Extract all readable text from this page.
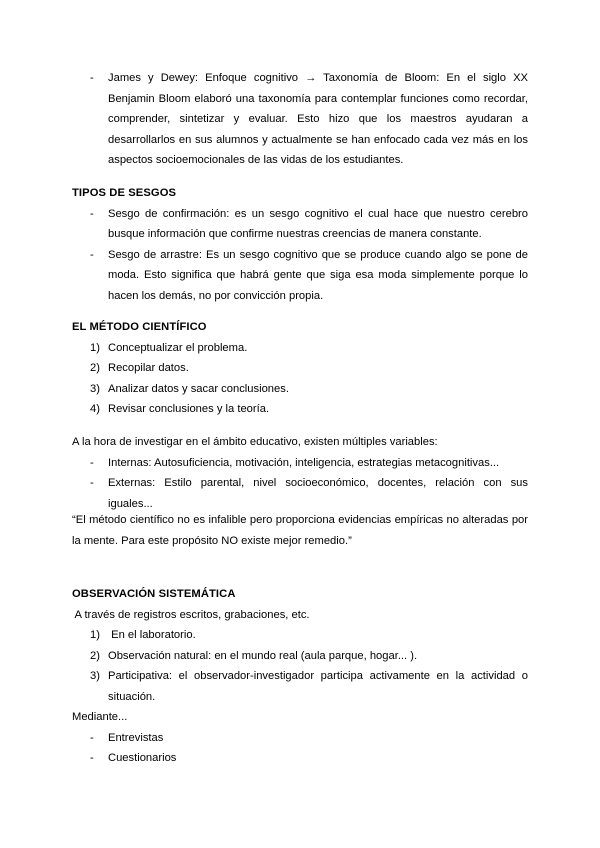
- James y Dewey: Enfoque cognitivo → Taxonomía de Bloom: En el siglo XX Benjamin Bloom elaboró una taxonomía para contemplar funciones como recordar, comprender, sintetizar y evaluar. Esto hizo que los maestros ayudaran a desarrollarlos en sus alumnos y actualmente se han enfocado cada vez más en los aspectos socioemocionales de las vidas de los estudiantes.
TIPOS DE SESGOS
- Sesgo de confirmación: es un sesgo cognitivo el cual hace que nuestro cerebro busque información que confirme nuestras creencias de manera constante.
- Sesgo de arrastre: Es un sesgo cognitivo que se produce cuando algo se pone de moda. Esto significa que habrá gente que siga esa moda simplemente porque lo hacen los demás, no por convicción propia.
EL MÉTODO CIENTÍFICO
1) Conceptualizar el problema.
2) Recopilar datos.
3) Analizar datos y sacar conclusiones.
4) Revisar conclusiones y la teoría.
A la hora de investigar en el ámbito educativo, existen múltiples variables:
- Internas: Autosuficiencia, motivación, inteligencia, estrategias metacognitivas...
- Externas: Estilo parental, nivel socioeconómico, docentes, relación con sus iguales...
“El método científico no es infalible pero proporciona evidencias empíricas no alteradas por la mente. Para este propósito NO existe mejor remedio.”
OBSERVACIÓN SISTEMÁTICA
A través de registros escritos, grabaciones, etc.
1) En el laboratorio.
2) Observación natural: en el mundo real (aula parque, hogar... ).
3) Participativa: el observador-investigador participa activamente en la actividad o situación.
Mediante...
- Entrevistas
- Cuestionarios
